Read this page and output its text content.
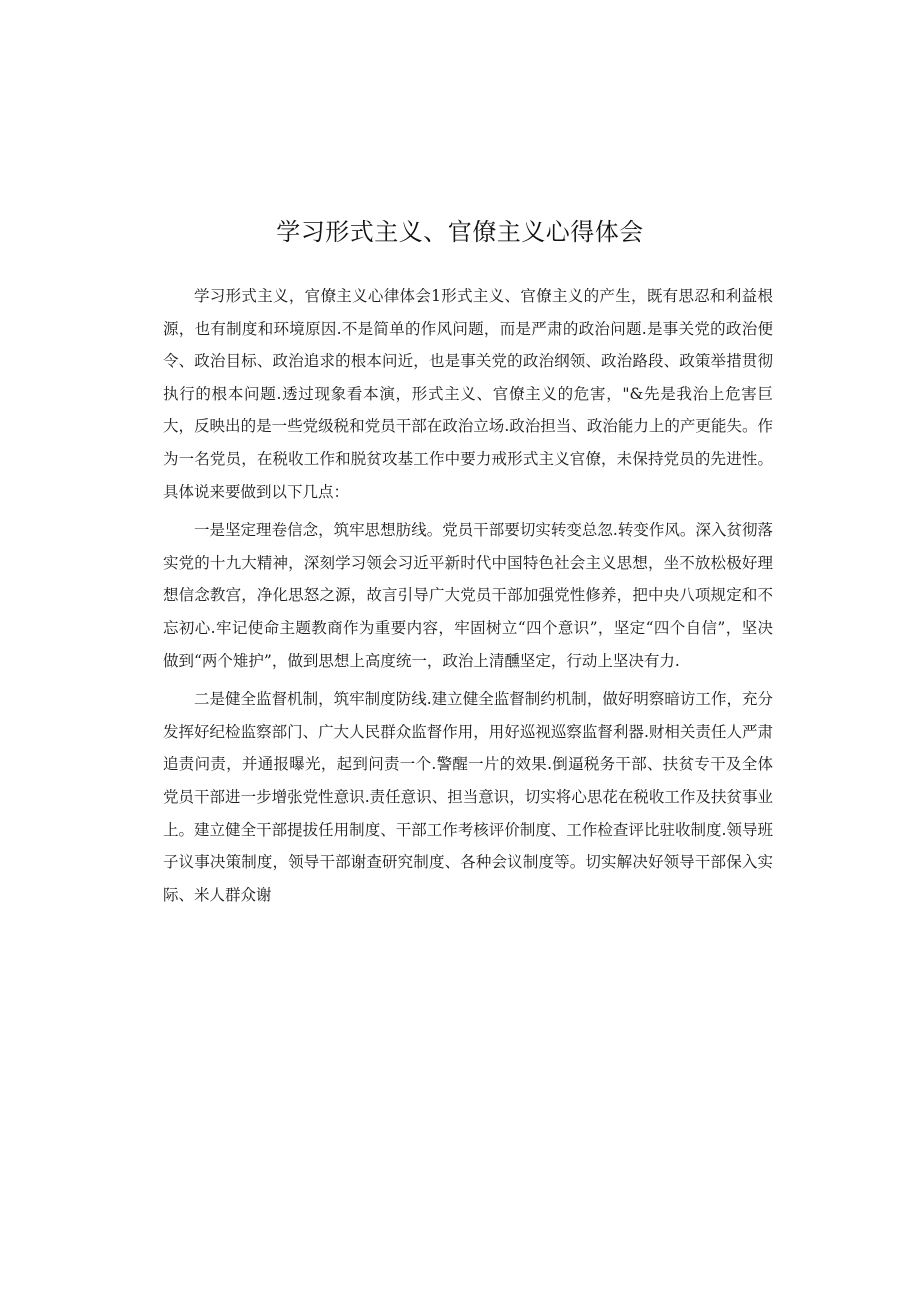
学习形式主义、官僚主义心得体会

学习形式主义，官僚主义心律体会1形式主义、官僚主义的产生，既有思忍和利益根源，也有制度和环境原因.不是简单的作风问题，而是严肃的政治问题.是事关党的政治便令、政治目标、政治追求的根本问近，也是事关党的政治纲领、政治路段、政策举措贯彻执行的根本问题.透过现象看本演，形式主义、官僚主义的危害，"&先是我治上危害巨大，反映出的是一些党级税和党员干部在政治立场.政治担当、政治能力上的产更能失。作为一名党员，在税收工作和脱贫攻基工作中要力戒形式主义官僚，未保持党员的先进性。具体说来要做到以下几点：

一是坚定理卷信念，筑牢思想肪线。党员干部要切实转变总忽.转变作风。深入贫彻落实党的十九大精神，深刻学习领会习近平新时代中国特色社会主义思想，坐不放松极好理想信念教宫，净化思怒之源，故言引导广大党员干部加强党性修养，把中央八项规定和不忘初心.牢记使命主题教商作为重要内容，牢固树立“四个意识”，坚定“四个自信”，坚决做到“两个雉护”，做到思想上高度统一，政治上清醺坚定，行动上坚决有力.

二是健全监督机制，筑牢制度防线.建立健全监督制约机制，做好明察暗访工作，充分发挥好纪检监察部门、广大人民群众监督作用，用好巡视巡察监督利器.财相关责任人严肃追责问责，并通报曝光，起到问责一个.警醒一片的效果.倒逼税务干部、扶贫专干及全体党员干部进一步增张党性意识.责任意识、担当意识，切实将心思花在税收工作及扶贫事业上。建立健全干部提拔任用制度、干部工作考核评价制度、工作检查评比驻收制度.领导班子议事决策制度，领导干部谢查研究制度、各种会议制度等。切实解决好领导干部保入实际、米人群众谢
